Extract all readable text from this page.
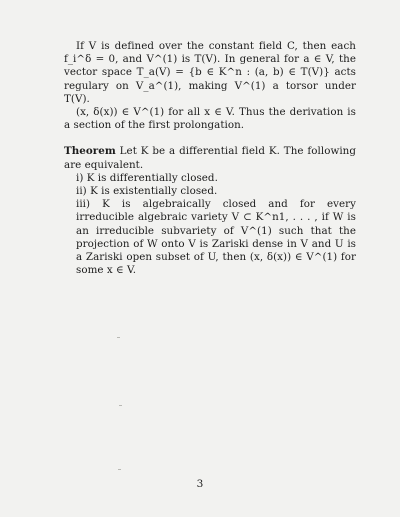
If V is defined over the constant field C, then each f_i^δ = 0, and V^(1) is T(V). In general for a ∈ V, the vector space T_a(V) = {b ∈ K^n : (a, b) ∈ T(V)} acts regulary on V_a^(1), making V^(1) a torsor under T(V).

(x, δ(x)) ∈ V^(1) for all x ∈ V. Thus the derivation is a section of the first prolongation.

Theorem Let K be a differential field K. The following are equivalent.

i) K is differentially closed.

ii) K is existentially closed.

iii) K is algebraically closed and for every irreducible algebraic variety V ⊂ K^n1, . . . , if W is an irreducible subvariety of V^(1) such that the projection of W onto V is Zariski dense in V and U is a Zariski open subset of U, then (x, δ(x)) ∈ V^(1) for some x ∈ V.

3
